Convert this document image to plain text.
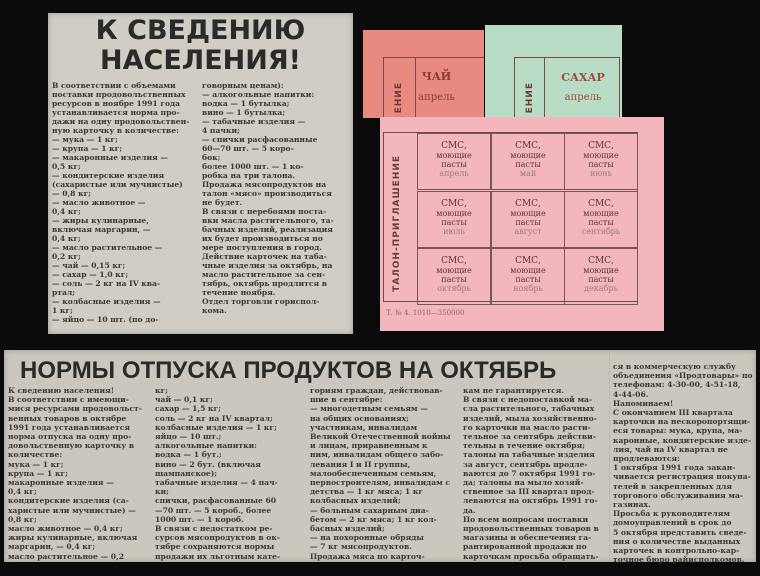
К СВЕДЕНИЮ
НАСЕЛЕНИЯ!
В соответствии с объемами
поставки продовольственных
ресурсов в ноябре 1991 года
устанавливается норма про-
дажи на одну продовольствен-
ную карточку в количестве:
— мука — 1 кг;
— крупа — 1 кг;
— макаронные изделия —
0,5 кг;
— кондитерские изделия
(сахаристые или мучнистые)
— 0,8 кг;
— масло животное —
0,4 кг;
— жиры кулинарные,
включая маргарин, —
0,4 кг;
— масло растительное —
0,2 кг;
— чай — 0,15 кг;
— сахар — 1,0 кг;
— соль — 2 кг на IV ква-
ртал;
— колбасные изделия —
1 кг;
— яйцо — 10 шт. (по до-
говорным ценам):
— алкогольные напитки:
водка — 1 бутылка;
вино — 1 бутылка;
— табачные изделия —
4 пачки;
— спички расфасованные
60—70 шт. — 5 коро-
бок;
более 1000 шт. — 1 ко-
робка на три талона.
Продажа мясопродуктов на
талон «мясо» производиться
не будет.
В связи с перебоями поста-
вки масла растительного, та-
бачных изделий, реализация
их будет производиться по
мере поступления в город.
Действие карточек на таба-
чные изделия за октябрь, на
масло растительное за сен-
тябрь, октябрь продлится в
течение ноября.
Отдел торговли гориспол-
кома.
ЕНИЕ
ЧАЙ
апрель	ЕНИЕ
САХАР
апрель
ТАЛОН-ПРИГЛАШЕНИЕ
СМС,
моющие
пасты
апрель
СМС,
моющие
пасты
май
СМС,
моющие
пасты
июнь
СМС,
моющие
пасты
июль
СМС,
моющие
пасты
август
СМС,
моющие
пасты
сентябрь
СМС,
моющие
пасты
октябрь
СМС,
моющие
пасты
ноябрь
СМС,
моющие
пасты
декабрь
Т. № 4. 1010—350000
НОРМЫ ОТПУСКА ПРОДУКТОВ НА ОКТЯБРЬ
К сведению населения!
В соответствии с имеющи-
мися ресурсами продовольст-
венных товаров в октябре
1991 года устанавливается
норма отпуска на одну про-
довольственную карточку в
количестве:
мука — 1 кг;
крупа — 1 кг;
макаронные изделия —
0,4 кг;
кондитерские изделия (са-
харистые или мучнистые) —
0,8 кг;
масло животное — 0,4 кг;
жиры кулинарные, включая
маргарин, — 0,4 кг;
масло растительное — 0,2
кг;
чай — 0,1 кг;
сахар — 1,5 кг;
соль — 2 кг на IV квартал;
колбасные изделия — 1 кг;
яйцо — 10 шт.;
алкогольные напитки:
водка — 1 бут.;
вино — 2 бут. (включая
шампанское);
табачные изделия — 4 пач-
ки;
спички, расфасованные 60
—70 шт. — 5 короб., более
1000 шт. — 1 короб.
В связи с недостатком ре-
сурсов мясопродуктов в ок-
тябре сохраняются нормы
продажи их льготным кате-
гориям граждан, действовав-
шие в сентябре:
— многодетным семьям —
на общих основаниях;
участникам, инвалидам
Великой Отечественной войны
и лицам, приравненным к
ним, инвалидам общего забо-
левания I и II группы,
малообеспеченным семьям,
первостроителям, инвалидам с
детства — 1 кг мяса; 1 кг
колбасных изделий;
— больным сахарным диа-
бетом — 2 кг мяса; 1 кг кол-
басных изделий;
— на похоронные обряды
— 7 кг мясопродуктов.
Продажа мяса по карточ-
кам не гарантируется.
В связи с недопоставкой ма-
сла растительного, табачных
изделий, мыла хозяйственно-
го карточки на масло расти-
тельное за сентябрь действи-
тельны в течение октября;
талоны на табачные изделия
за август, сентябрь продле-
ваются до 7 октября 1991 го-
да; талоны на мыло хозяй-
ственное за III квартал прод-
леваются на октябрь 1991 го-
да.
По всем вопросам поставки
продовольственных товаров в
магазины и обеспечения га-
рантированной продажи по
карточкам просьба обращать-
ся в коммерческую службу
объединения «Продтовары» по
телефонам: 4-30-00, 4-51-18,
4-44-06.
Напоминаем!
С окончанием III квартала
карточки на нескоропортящи-
еся товары: мука, крупа, ма-
каронные, кондитерские изде-
лия, чай на IV квартал не
продлеваются:
1 октября 1991 года закан-
чивается регистрация покупа-
телей в закрепленных для
торгового обслуживания ма-
газинах.
Просьба к руководителям
домоуправлений в срок до
5 октября представить сведе-
ния о количестве выданных
карточек в контрольно-кар-
точное бюро райисполкомов.
